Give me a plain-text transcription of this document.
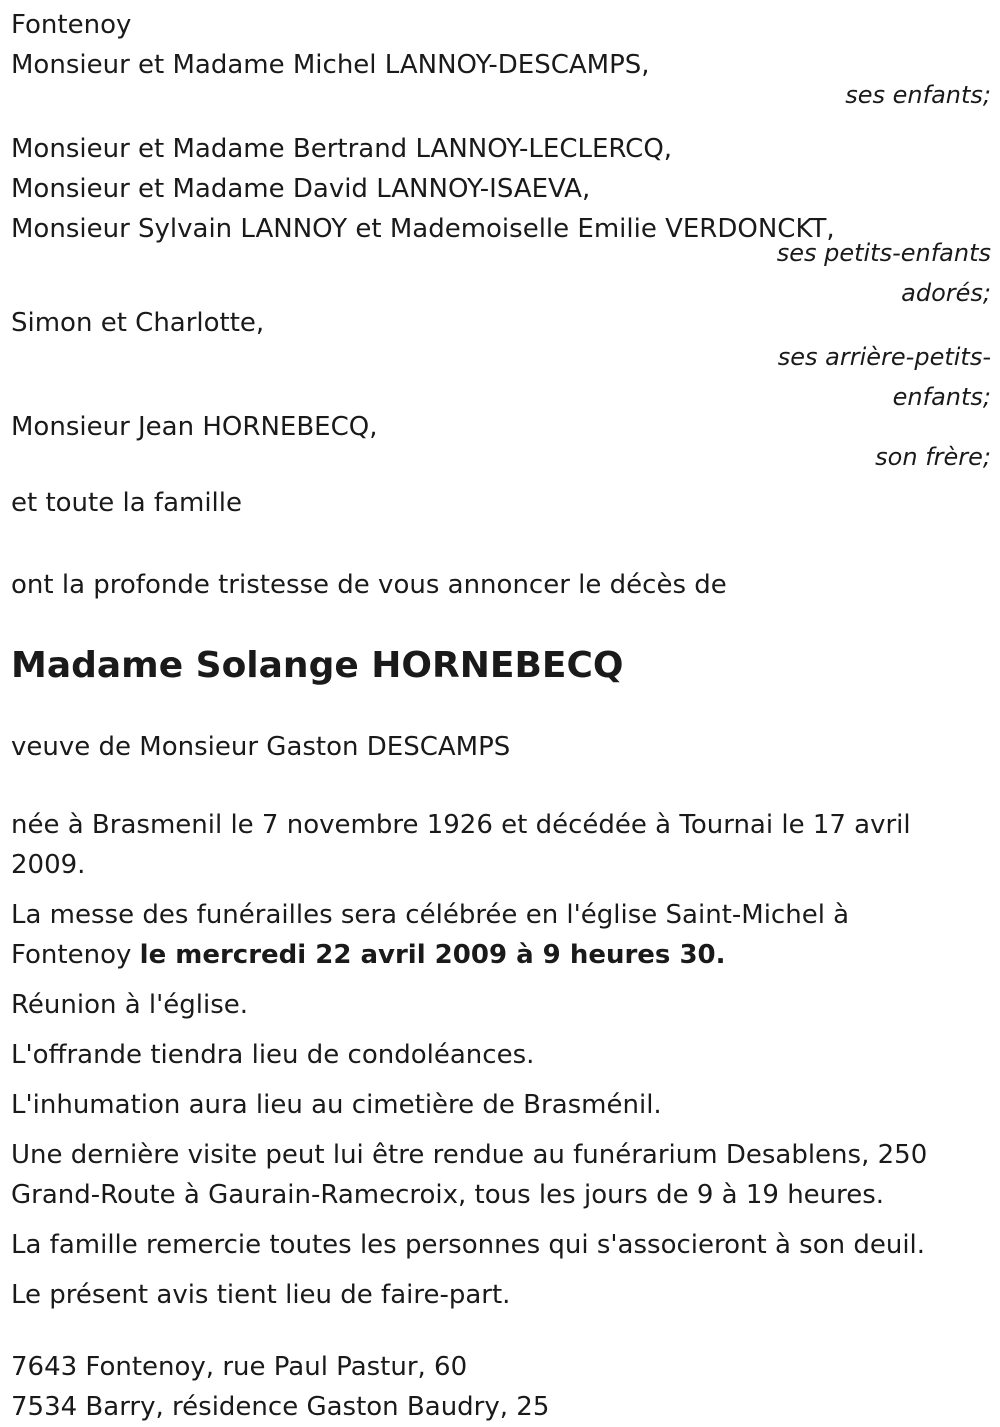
Fontenoy
Monsieur et Madame Michel LANNOY-DESCAMPS,
ses enfants;
Monsieur et Madame Bertrand LANNOY-LECLERCQ,
Monsieur et Madame David LANNOY-ISAEVA,
Monsieur Sylvain LANNOY et Mademoiselle Emilie VERDONCKT,
ses petits-enfants
adorés;
Simon et Charlotte,
ses arrière-petits-
enfants;
Monsieur Jean HORNEBECQ,
son frère;
et toute la famille
ont la profonde tristesse de vous annoncer le décès de
Madame Solange HORNEBECQ
veuve de Monsieur Gaston DESCAMPS
née à Brasmenil le 7 novembre 1926 et décédée à Tournai le 17 avril 2009.
La messe des funérailles sera célébrée en l'église Saint-Michel à
Fontenoy le mercredi 22 avril 2009 à 9 heures 30.
Réunion à l'église.
L'offrande tiendra lieu de condoléances.
L'inhumation aura lieu au cimetière de Brasménil.
Une dernière visite peut lui être rendue au funérarium Desablens, 250
Grand-Route à Gaurain-Ramecroix, tous les jours de 9 à 19 heures.
La famille remercie toutes les personnes qui s'associeront à son deuil.
Le présent avis tient lieu de faire-part.
7643 Fontenoy, rue Paul Pastur, 60
7534 Barry, résidence Gaston Baudry, 25
